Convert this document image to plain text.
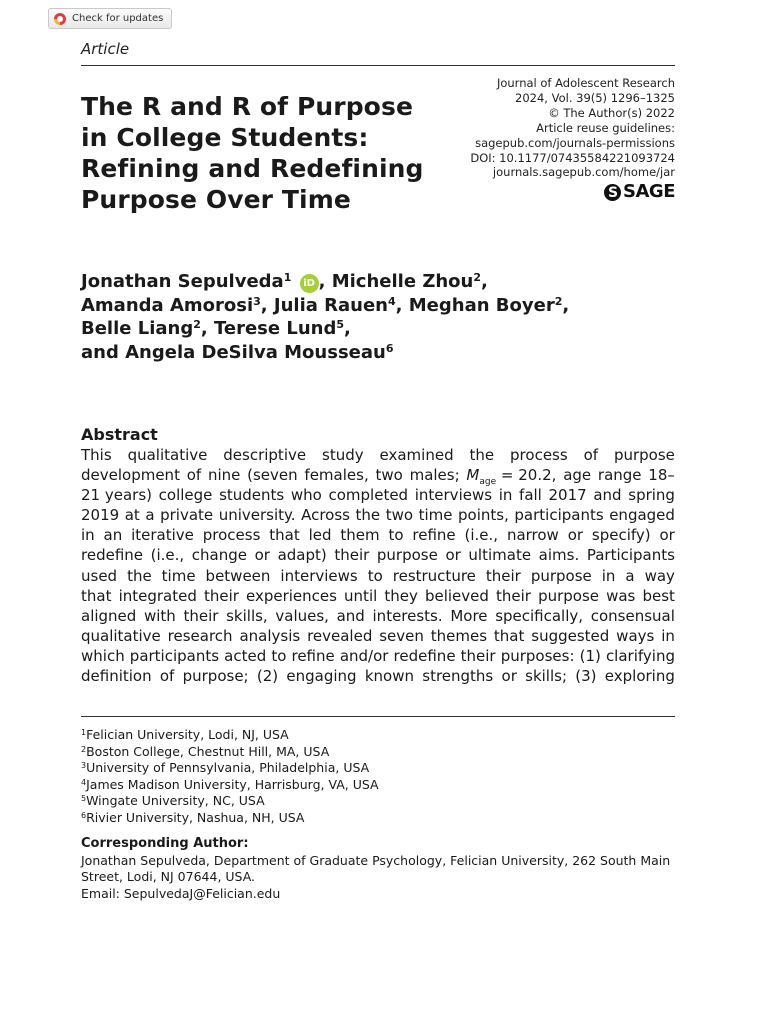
Check for updates
Article
The R and R of Purpose
in College Students:
Refining and Redefining
Purpose Over Time
Journal of Adolescent Research
2024, Vol. 39(5) 1296–1325
© The Author(s) 2022
Article reuse guidelines:
sagepub.com/journals-permissions
DOI: 10.1177/07435584221093724
journals.sagepub.com/home/jar
S
SAGE
Jonathan Sepulveda$^1$ iD , Michelle Zhou$^2$,
Amanda Amorosi$^3$, Julia Rauen$^4$, Meghan Boyer$^2$,
Belle Liang$^2$, Terese Lund$^5$,
and Angela DeSilva Mousseau$^6$
Abstract
This qualitative descriptive study examined the process of purpose
development of nine (seven females, two males; $M_{age} = 20.2$, age range 18–
21 years) college students who completed interviews in fall 2017 and spring
2019 at a private university. Across the two time points, participants engaged
in an iterative process that led them to refine (i.e., narrow or specify) or
redefine (i.e., change or adapt) their purpose or ultimate aims. Participants
used the time between interviews to restructure their purpose in a way
that integrated their experiences until they believed their purpose was best
aligned with their skills, values, and interests. More specifically, consensual
qualitative research analysis revealed seven themes that suggested ways in
which participants acted to refine and/or redefine their purposes: (1) clarifying
definition of purpose; (2) engaging known strengths or skills; (3) exploring
$^1$Felician University, Lodi, NJ, USA
$^2$Boston College, Chestnut Hill, MA, USA
$^3$University of Pennsylvania, Philadelphia, USA
$^4$James Madison University, Harrisburg, VA, USA
$^5$Wingate University, NC, USA
$^6$Rivier University, Nashua, NH, USA
Corresponding Author:
Jonathan Sepulveda, Department of Graduate Psychology, Felician University, 262 South Main
Street, Lodi, NJ 07644, USA.
Email: SepulvedaJ@Felician.edu
